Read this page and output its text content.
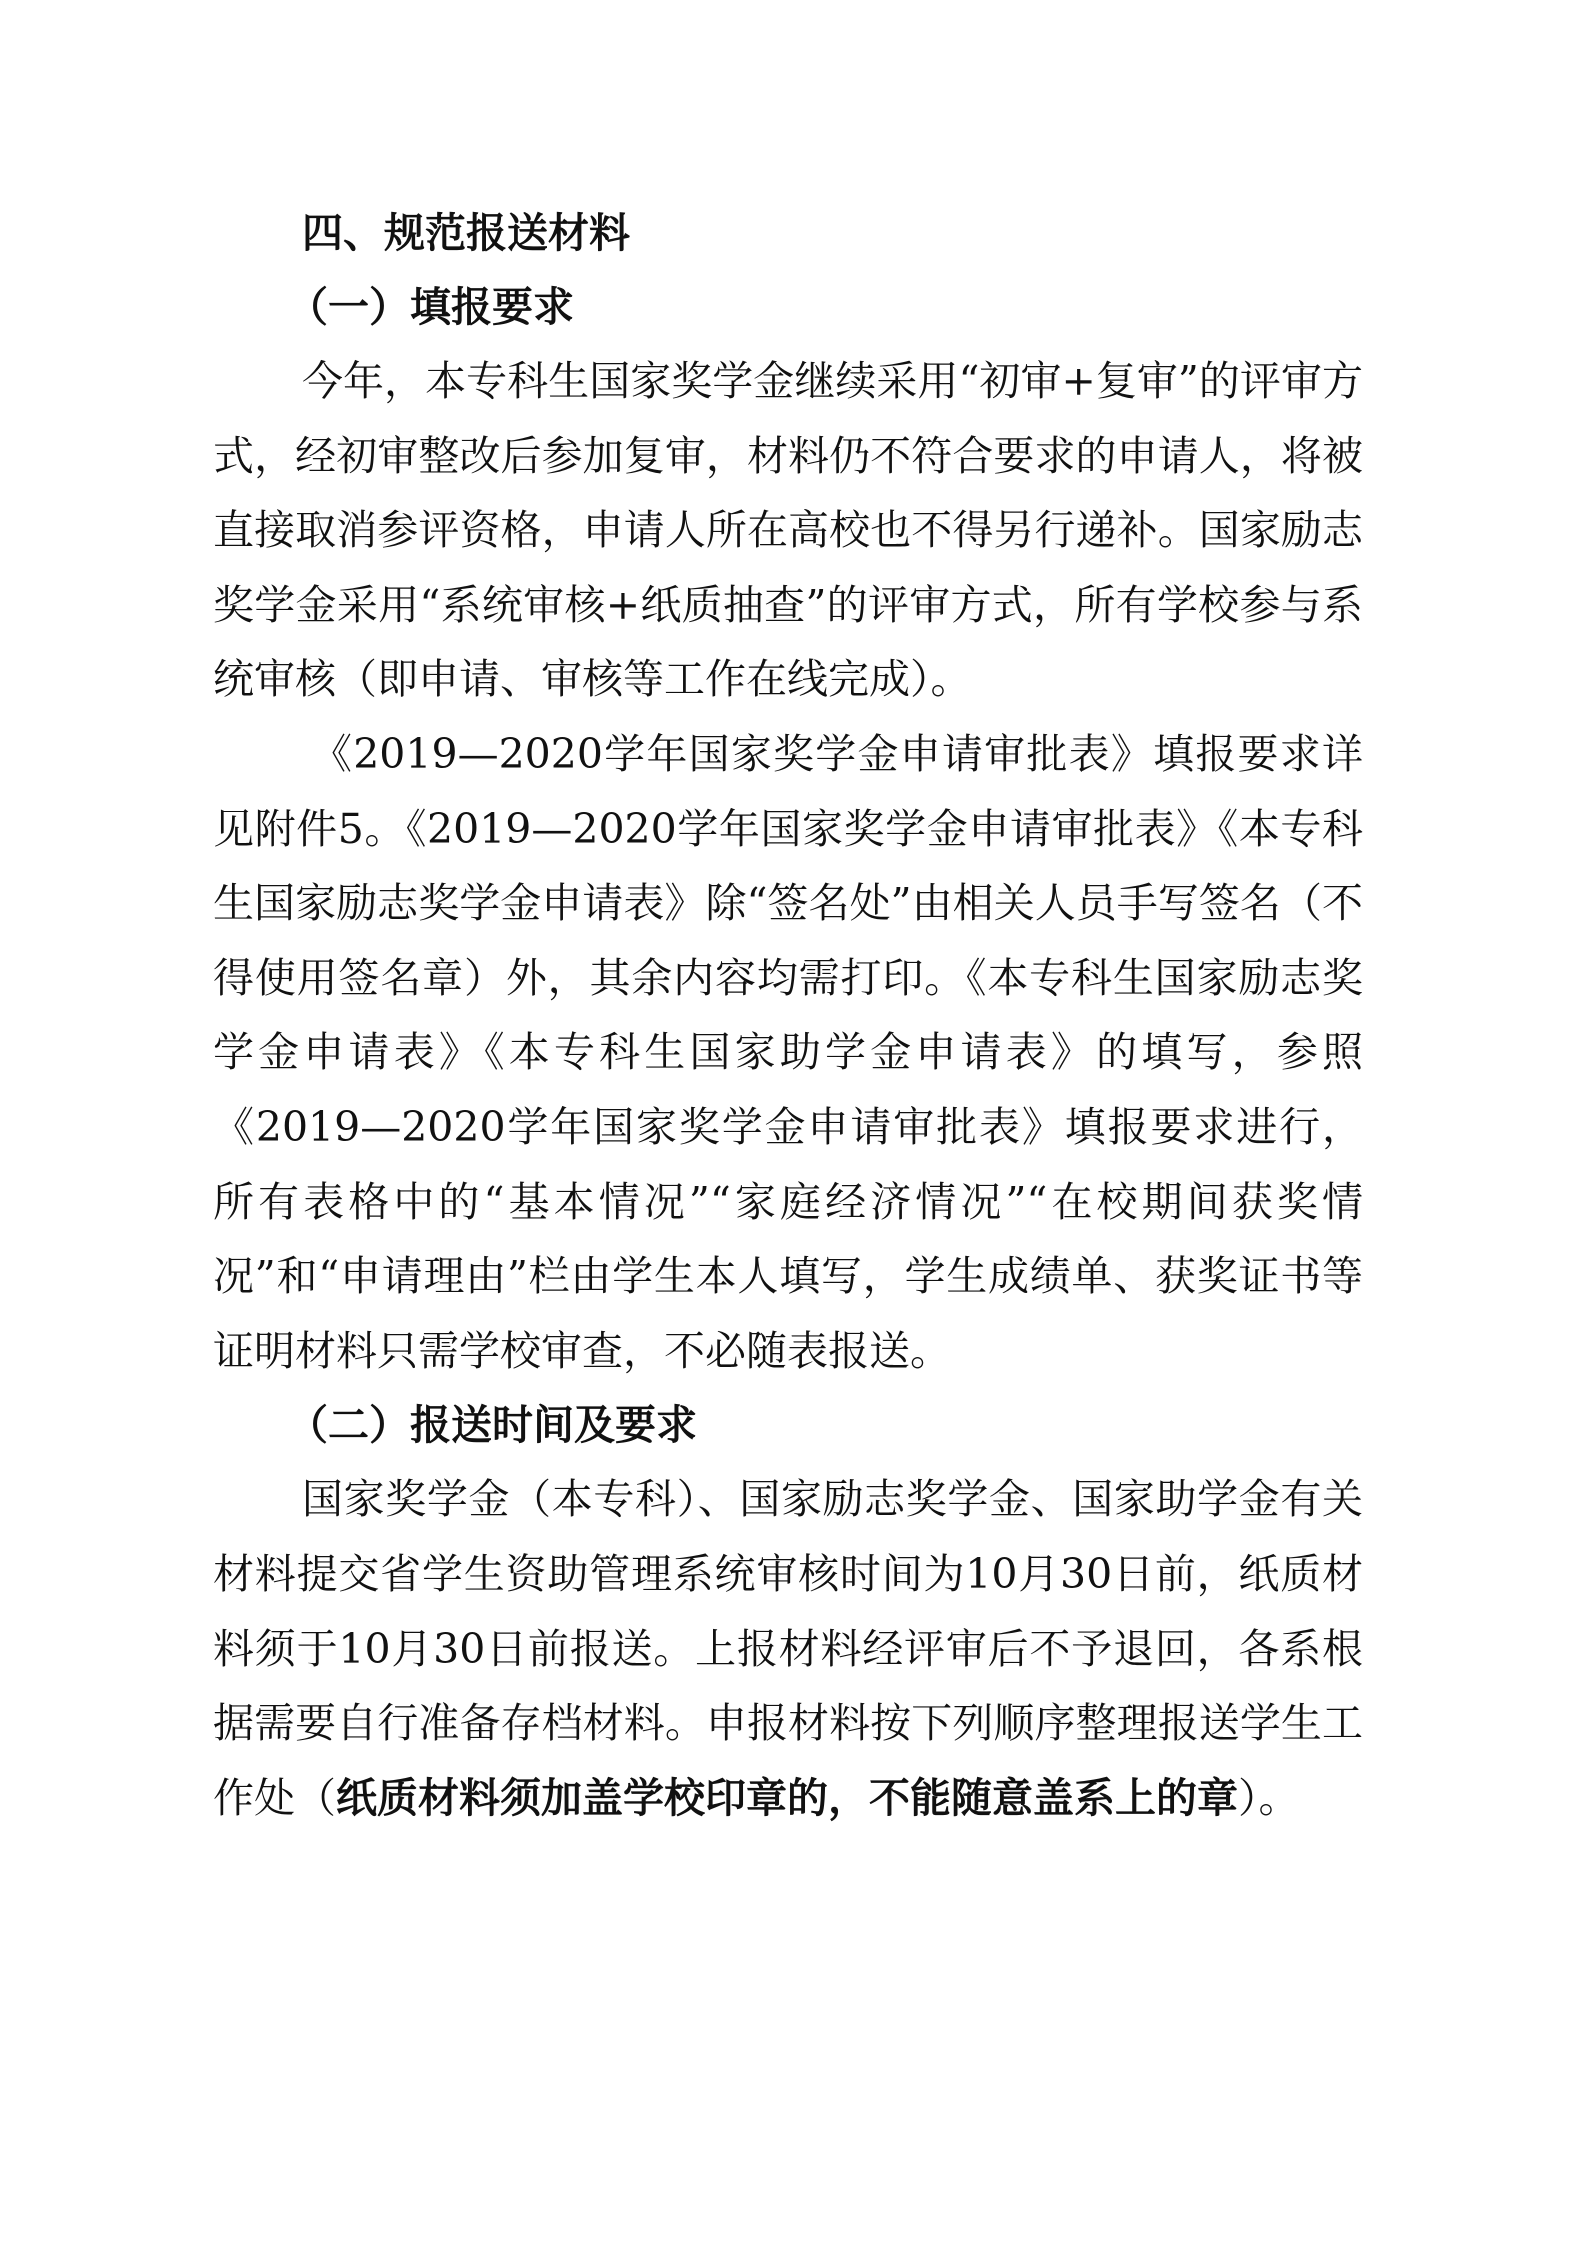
四、规范报送材料
（一）填报要求

今年，本专科生国家奖学金继续采用“初审+复审”的评审方式，经初审整改后参加复审，材料仍不符合要求的申请人，将被直接取消参评资格，申请人所在高校也不得另行递补。国家励志奖学金采用“系统审核+纸质抽查”的评审方式，所有学校参与系统审核（即申请、审核等工作在线完成）。

《2019—2020学年国家奖学金申请审批表》填报要求详见附件5。《2019—2020学年国家奖学金申请审批表》《本专科生国家励志奖学金申请表》除“签名处”由相关人员手写签名（不得使用签名章）外，其余内容均需打印。《本专科生国家励志奖学金申请表》《本专科生国家助学金申请表》的填写，参照《2019—2020学年国家奖学金申请审批表》填报要求进行，所有表格中的“基本情况”“家庭经济情况”“在校期间获奖情况”和“申请理由”栏由学生本人填写，学生成绩单、获奖证书等证明材料只需学校审查，不必随表报送。

（二）报送时间及要求

国家奖学金（本专科）、国家励志奖学金、国家助学金有关材料提交省学生资助管理系统审核时间为10月30日前，纸质材料须于10月30日前报送。上报材料经评审后不予退回，各系根据需要自行准备存档材料。申报材料按下列顺序整理报送学生工作处（纸质材料须加盖学校印章的，不能随意盖系上的章）。
